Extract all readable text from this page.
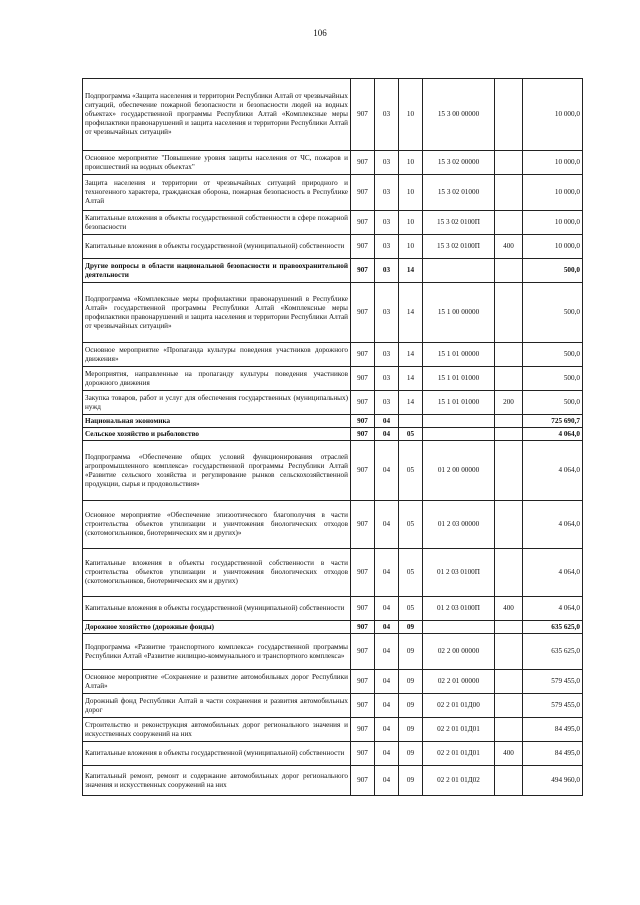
106
Подпрограмма «Защита населения и территории Республики Алтай от чрезвычайных ситуаций, обеспечение пожарной безопасности и безопасности людей на водных объектах» государственной программы Республики Алтай «Комплексные меры профилактики правонарушений и защита населения и территории Республики Алтай от чрезвычайных ситуаций»	907	03	10	15 3 00 00000		10 000,0
Основное мероприятие "Повышение уровня защиты населения от ЧС, пожаров и происшествий на водных объектах"	907	03	10	15 3 02 00000		10 000,0
Защита населения и территории от чрезвычайных ситуаций природного и техногенного характера, гражданская оборона, пожарная безопасность в Республике Алтай	907	03	10	15 3 02 01000		10 000,0
Капитальные вложения в объекты государственной собственности в сфере пожарной безопасности	907	03	10	15 3 02 0100П		10 000,0
Капитальные вложения в объекты государственной (муниципальной) собственности	907	03	10	15 3 02 0100П	400	10 000,0
Другие вопросы в области национальной безопасности и правоохранительной деятельности	907	03	14			500,0
Подпрограмма «Комплексные меры профилактики правонарушений в Республике Алтай» государственной программы Республики Алтай «Комплексные меры профилактики правонарушений и защита населения и территории Республики Алтай от чрезвычайных ситуаций»	907	03	14	15 1 00 00000		500,0
Основное мероприятие «Пропаганда культуры поведения участников дорожного движения»	907	03	14	15 1 01 00000		500,0
Мероприятия, направленные на пропаганду культуры поведения участников дорожного движения	907	03	14	15 1 01 01000		500,0
Закупка товаров, работ и услуг для обеспечения государственных (муниципальных) нужд	907	03	14	15 1 01 01000	200	500,0
Национальная экономика	907	04				725 690,7
Сельское хозяйство и рыболовство	907	04	05			4 064,0
Подпрограмма «Обеспечение общих условий функционирования отраслей агропромышленного комплекса» государственной программы Республики Алтай «Развитие сельского хозяйства и регулирование рынков сельскохозяйственной продукции, сырья и продовольствия»	907	04	05	01 2 00 00000		4 064,0
Основное мероприятие «Обеспечение эпизоотического благополучия в части строительства объектов утилизации и уничтожения биологических отходов (скотомогильников, биотермических ям и других)»	907	04	05	01 2 03 00000		4 064,0
Капитальные вложения в объекты государственной собственности в части строительства объектов утилизации и уничтожения биологических отходов (скотомогильников, биотермических ям и других)	907	04	05	01 2 03 0100П		4 064,0
Капитальные вложения в объекты государственной (муниципальной) собственности	907	04	05	01 2 03 0100П	400	4 064,0
Дорожное хозяйство (дорожные фонды)	907	04	09			635 625,0
Подпрограмма «Развитие транспортного комплекса» государственной программы Республики Алтай «Развитие жилищно-коммунального и транспортного комплекса»	907	04	09	02 2 00 00000		635 625,0
Основное мероприятие «Сохранение и развитие автомобильных дорог Республики Алтай»	907	04	09	02 2 01 00000		579 455,0
Дорожный фонд Республики Алтай в части сохранения и развития автомобильных дорог	907	04	09	02 2 01 01Д00		579 455,0
Строительство и реконструкция автомобильных дорог регионального значения и искусственных сооружений на них	907	04	09	02 2 01 01Д01		84 495,0
Капитальные вложения в объекты государственной (муниципальной) собственности	907	04	09	02 2 01 01Д01	400	84 495,0
Капитальный ремонт, ремонт и содержание автомобильных дорог регионального значения и искусственных сооружений на них	907	04	09	02 2 01 01Д02		494 960,0
